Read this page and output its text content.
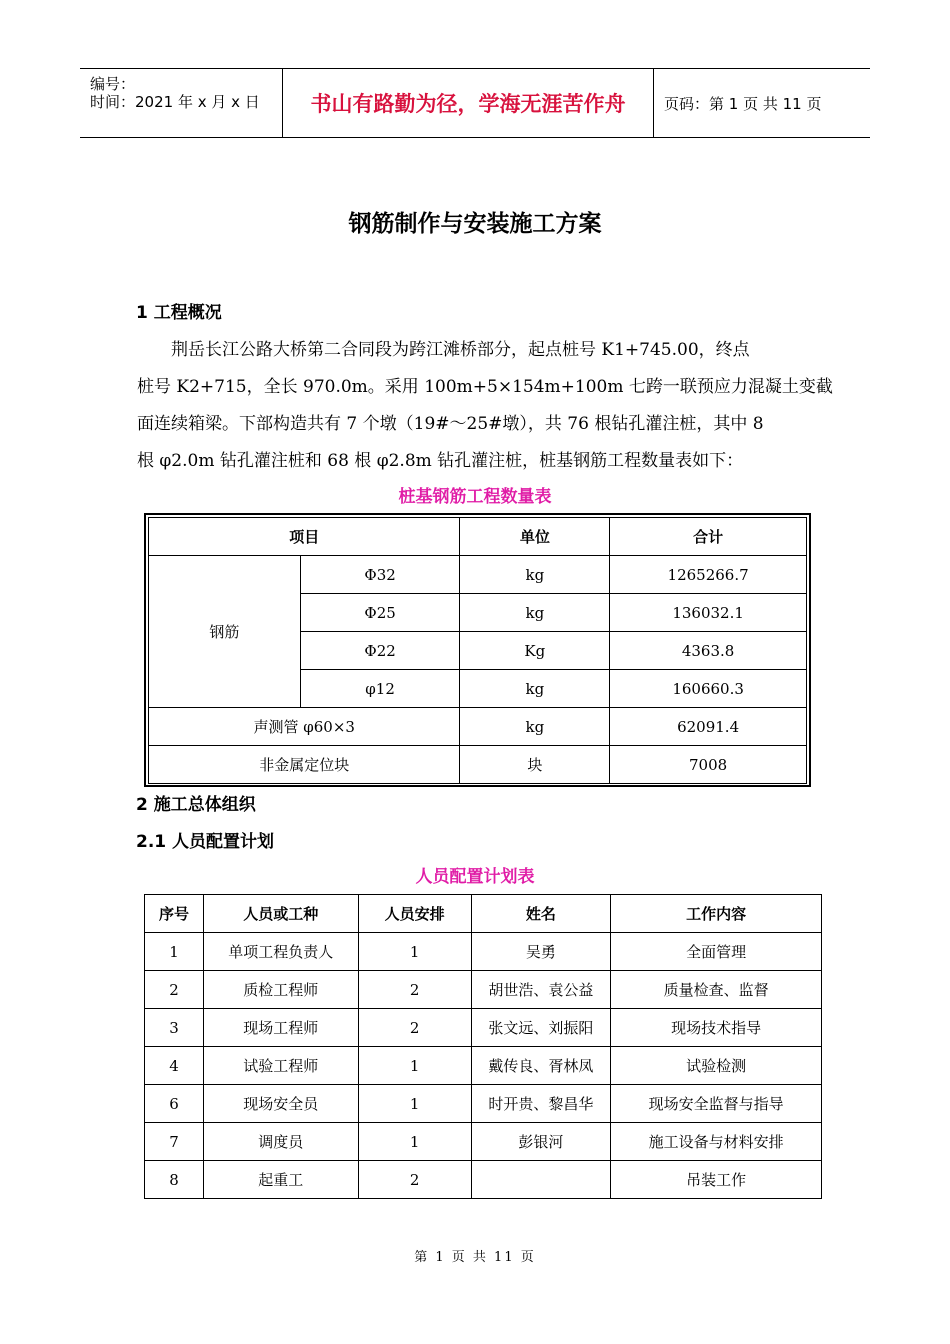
编号：
时间：2021 年 x 月 x 日	书山有路勤为径，学海无涯苦作舟	页码：第 1 页 共 11 页
钢筋制作与安装施工方案
1 工程概况

荆岳长江公路大桥第二合同段为跨江滩桥部分，起点桩号 K1+745.00，终点

桩号 K2+715，全长 970.0m。采用 100m+5×154m+100m 七跨一联预应力混凝土变截

面连续箱梁。下部构造共有 7 个墩（19#～25#墩），共 76 根钻孔灌注桩，其中 8

根 φ2.0m 钻孔灌注桩和 68 根 φ2.8m 钻孔灌注桩，桩基钢筋工程数量表如下：

桩基钢筋工程数量表
项目		单位	合计
钢筋	Φ32	kg	1265266.7
	Φ25	kg	136032.1
	Φ22	Kg	4363.8
	φ12	kg	160660.3
声测管 φ60×3		kg	62091.4
非金属定位块		块	7008
2 施工总体组织
2.1 人员配置计划
人员配置计划表
序号	人员或工种	人员安排	姓名	工作内容
1	单项工程负责人	1	吴勇	全面管理
2	质检工程师	2	胡世浩、袁公益	质量检查、监督
3	现场工程师	2	张文远、刘振阳	现场技术指导
4	试验工程师	1	戴传良、胥林凤	试验检测
6	现场安全员	1	时开贵、黎昌华	现场安全监督与指导
7	调度员	1	彭银河	施工设备与材料安排
8	起重工	2		吊装工作
第 1 页 共 11 页
